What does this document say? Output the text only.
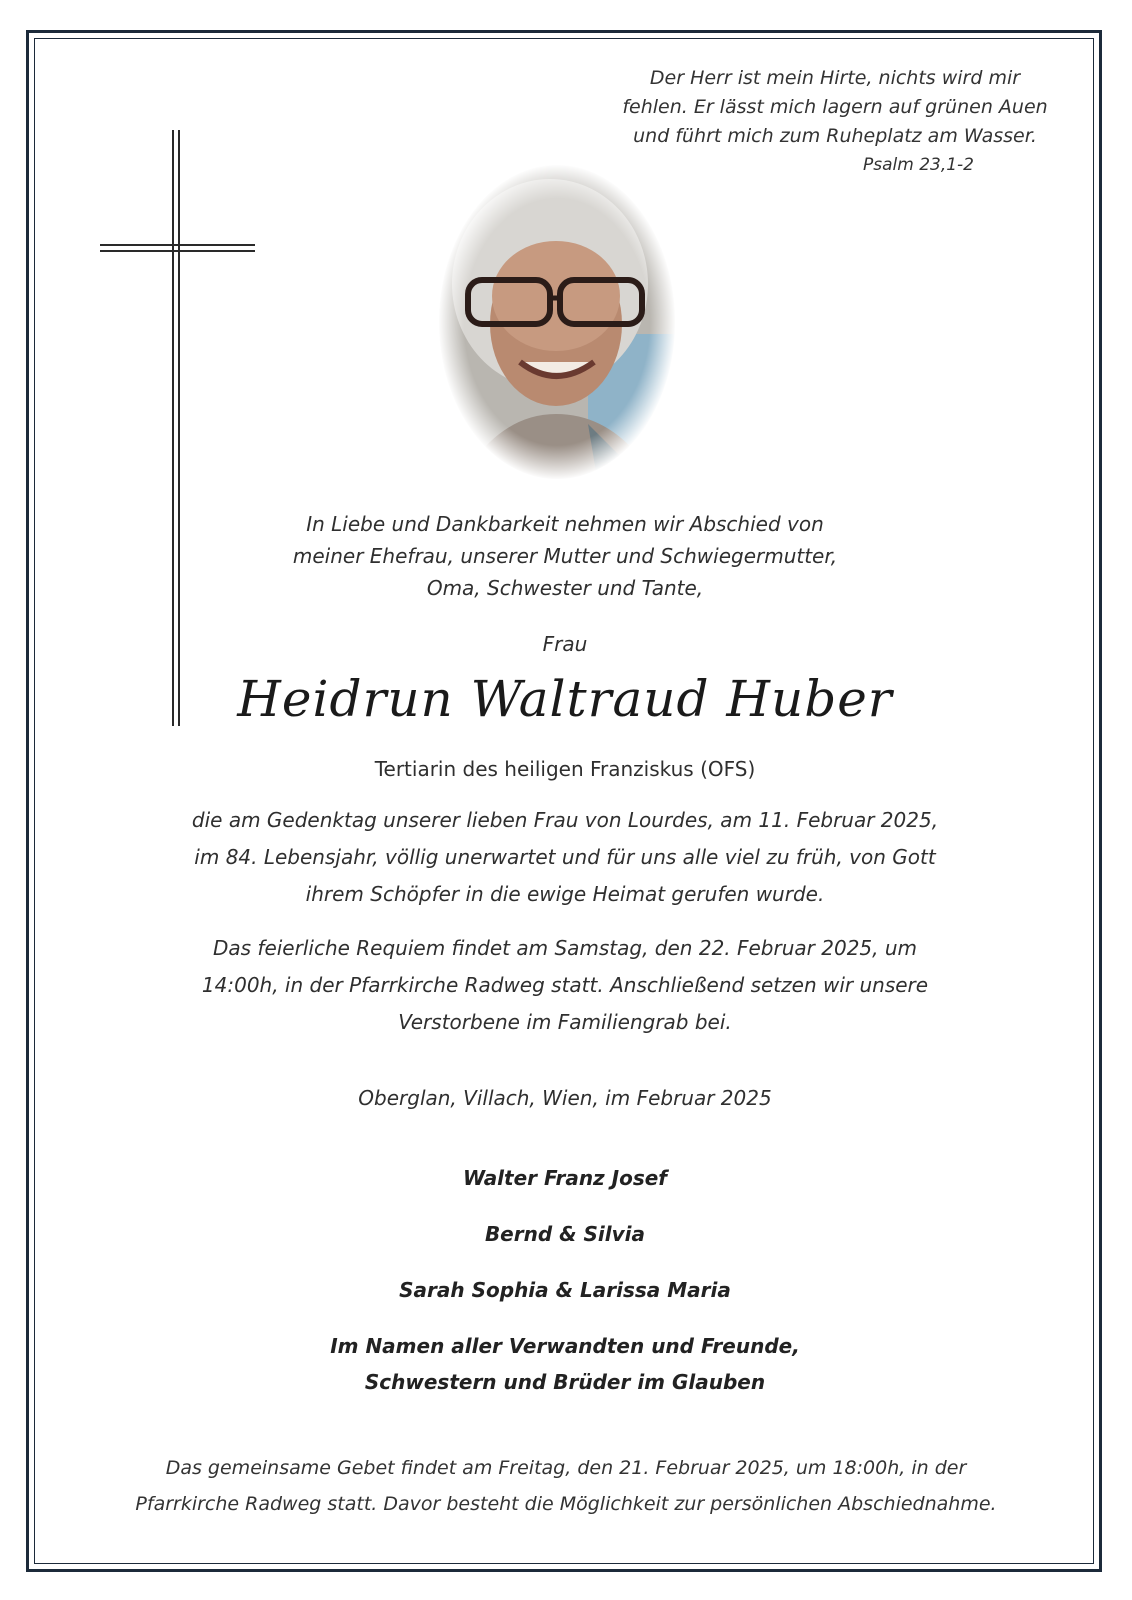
Der Herr ist mein Hirte, nichts wird mir
fehlen. Er lässt mich lagern auf grünen Auen
und führt mich zum Ruheplatz am Wasser.
Psalm 23,1-2
In Liebe und Dankbarkeit nehmen wir Abschied von
meiner Ehefrau, unserer Mutter und Schwiegermutter,
Oma, Schwester und Tante,
Frau
Heidrun Waltraud Huber
Tertiarin des heiligen Franziskus (OFS)
die am Gedenktag unserer lieben Frau von Lourdes, am 11. Februar 2025,
im 84. Lebensjahr, völlig unerwartet und für uns alle viel zu früh, von Gott
ihrem Schöpfer in die ewige Heimat gerufen wurde.
Das feierliche Requiem findet am Samstag, den 22. Februar 2025, um
14:00h, in der Pfarrkirche Radweg statt. Anschließend setzen wir unsere
Verstorbene im Familiengrab bei.
Oberglan, Villach, Wien, im Februar 2025
Walter Franz Josef
Bernd & Silvia
Sarah Sophia & Larissa Maria
Im Namen aller Verwandten und Freunde,
Schwestern und Brüder im Glauben
Das gemeinsame Gebet findet am Freitag, den 21. Februar 2025, um 18:00h, in der
Pfarrkirche Radweg statt. Davor besteht die Möglichkeit zur persönlichen Abschiednahme.
